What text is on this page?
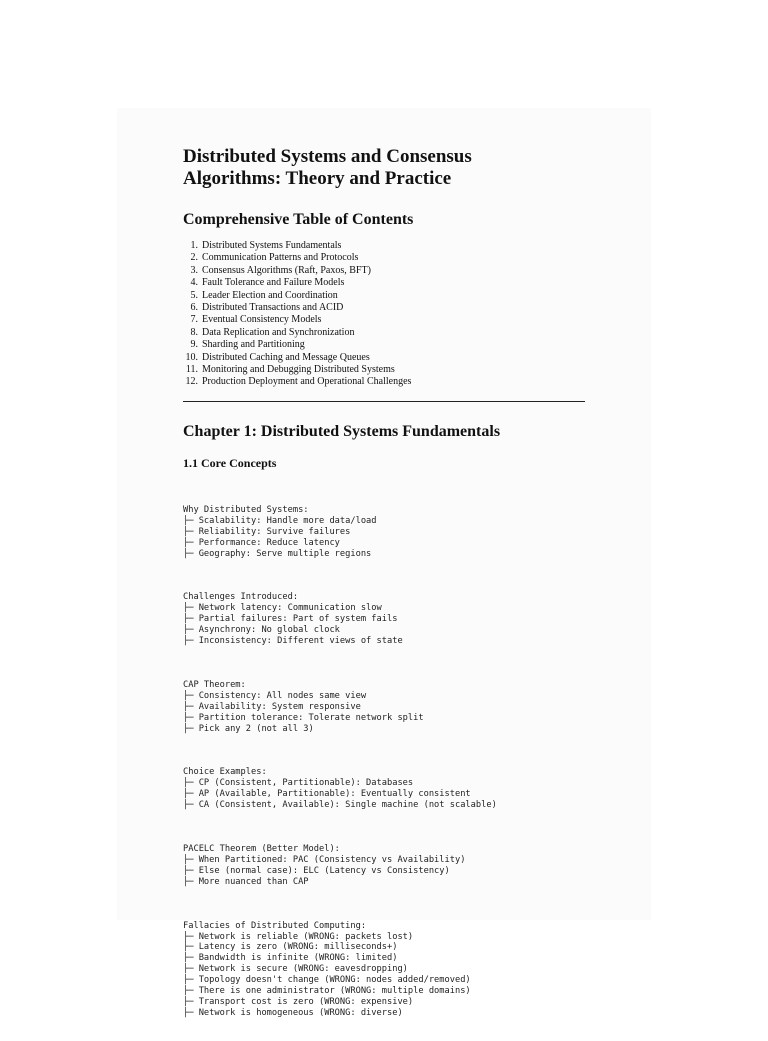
Distributed Systems and Consensus
Algorithms: Theory and Practice
Comprehensive Table of Contents
1. Distributed Systems Fundamentals
2. Communication Patterns and Protocols
3. Consensus Algorithms (Raft, Paxos, BFT)
4. Fault Tolerance and Failure Models
5. Leader Election and Coordination
6. Distributed Transactions and ACID
7. Eventual Consistency Models
8. Data Replication and Synchronization
9. Sharding and Partitioning
10. Distributed Caching and Message Queues
11. Monitoring and Debugging Distributed Systems
12. Production Deployment and Operational Challenges
Chapter 1: Distributed Systems Fundamentals
1.1 Core Concepts

Why Distributed Systems:
├─ Scalability: Handle more data/load
├─ Reliability: Survive failures
├─ Performance: Reduce latency
├─ Geography: Serve multiple regions

Challenges Introduced:
├─ Network latency: Communication slow
├─ Partial failures: Part of system fails
├─ Asynchrony: No global clock
├─ Inconsistency: Different views of state

CAP Theorem:
├─ Consistency: All nodes same view
├─ Availability: System responsive
├─ Partition tolerance: Tolerate network split
├─ Pick any 2 (not all 3)

Choice Examples:
├─ CP (Consistent, Partitionable): Databases
├─ AP (Available, Partitionable): Eventually consistent
├─ CA (Consistent, Available): Single machine (not scalable)

PACELC Theorem (Better Model):
├─ When Partitioned: PAC (Consistency vs Availability)
├─ Else (normal case): ELC (Latency vs Consistency)
├─ More nuanced than CAP

Fallacies of Distributed Computing:
├─ Network is reliable (WRONG: packets lost)
├─ Latency is zero (WRONG: milliseconds+)
├─ Bandwidth is infinite (WRONG: limited)
├─ Network is secure (WRONG: eavesdropping)
├─ Topology doesn't change (WRONG: nodes added/removed)
├─ There is one administrator (WRONG: multiple domains)
├─ Transport cost is zero (WRONG: expensive)
├─ Network is homogeneous (WRONG: diverse)
